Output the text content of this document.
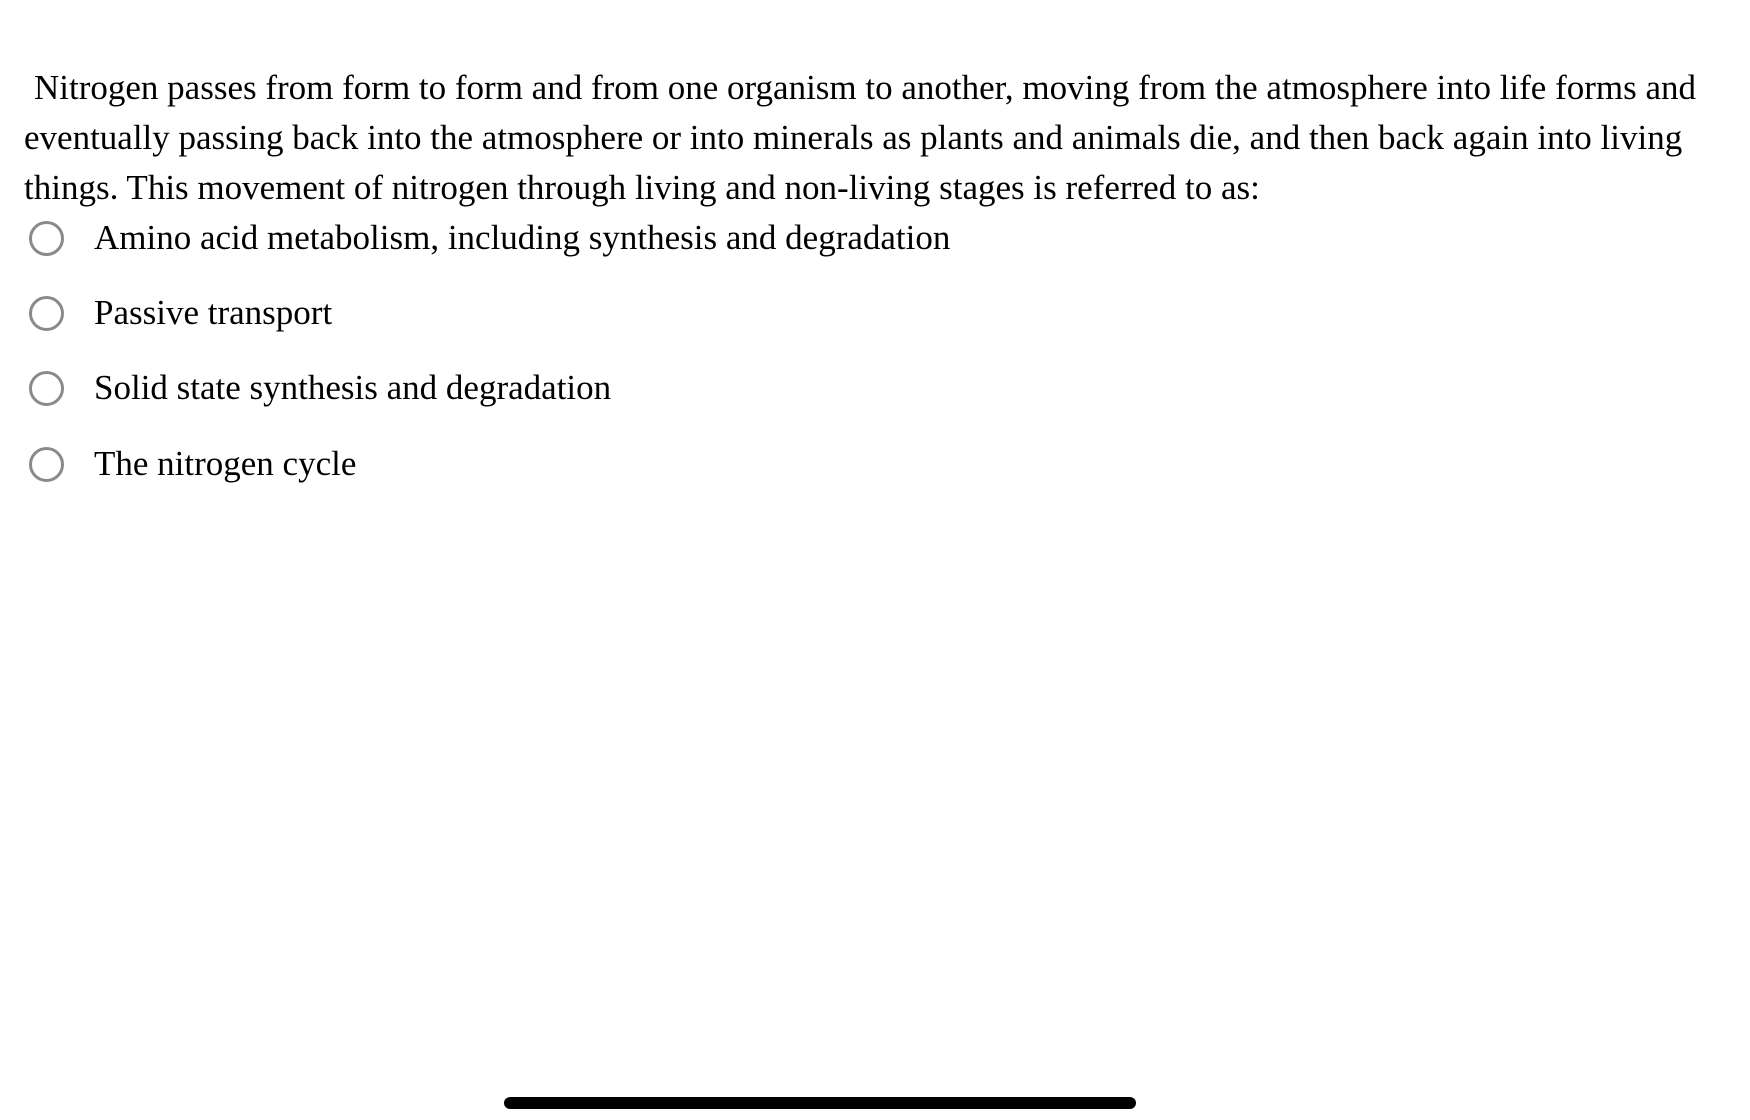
Nitrogen passes from form to form and from one organism to another, moving from the atmosphere into life forms and eventually passing back into the atmosphere or into minerals as plants and animals die, and then back again into living things. This movement of nitrogen through living and non-living stages is referred to as:

Amino acid metabolism, including synthesis and degradation
Passive transport
Solid state synthesis and degradation
The nitrogen cycle
